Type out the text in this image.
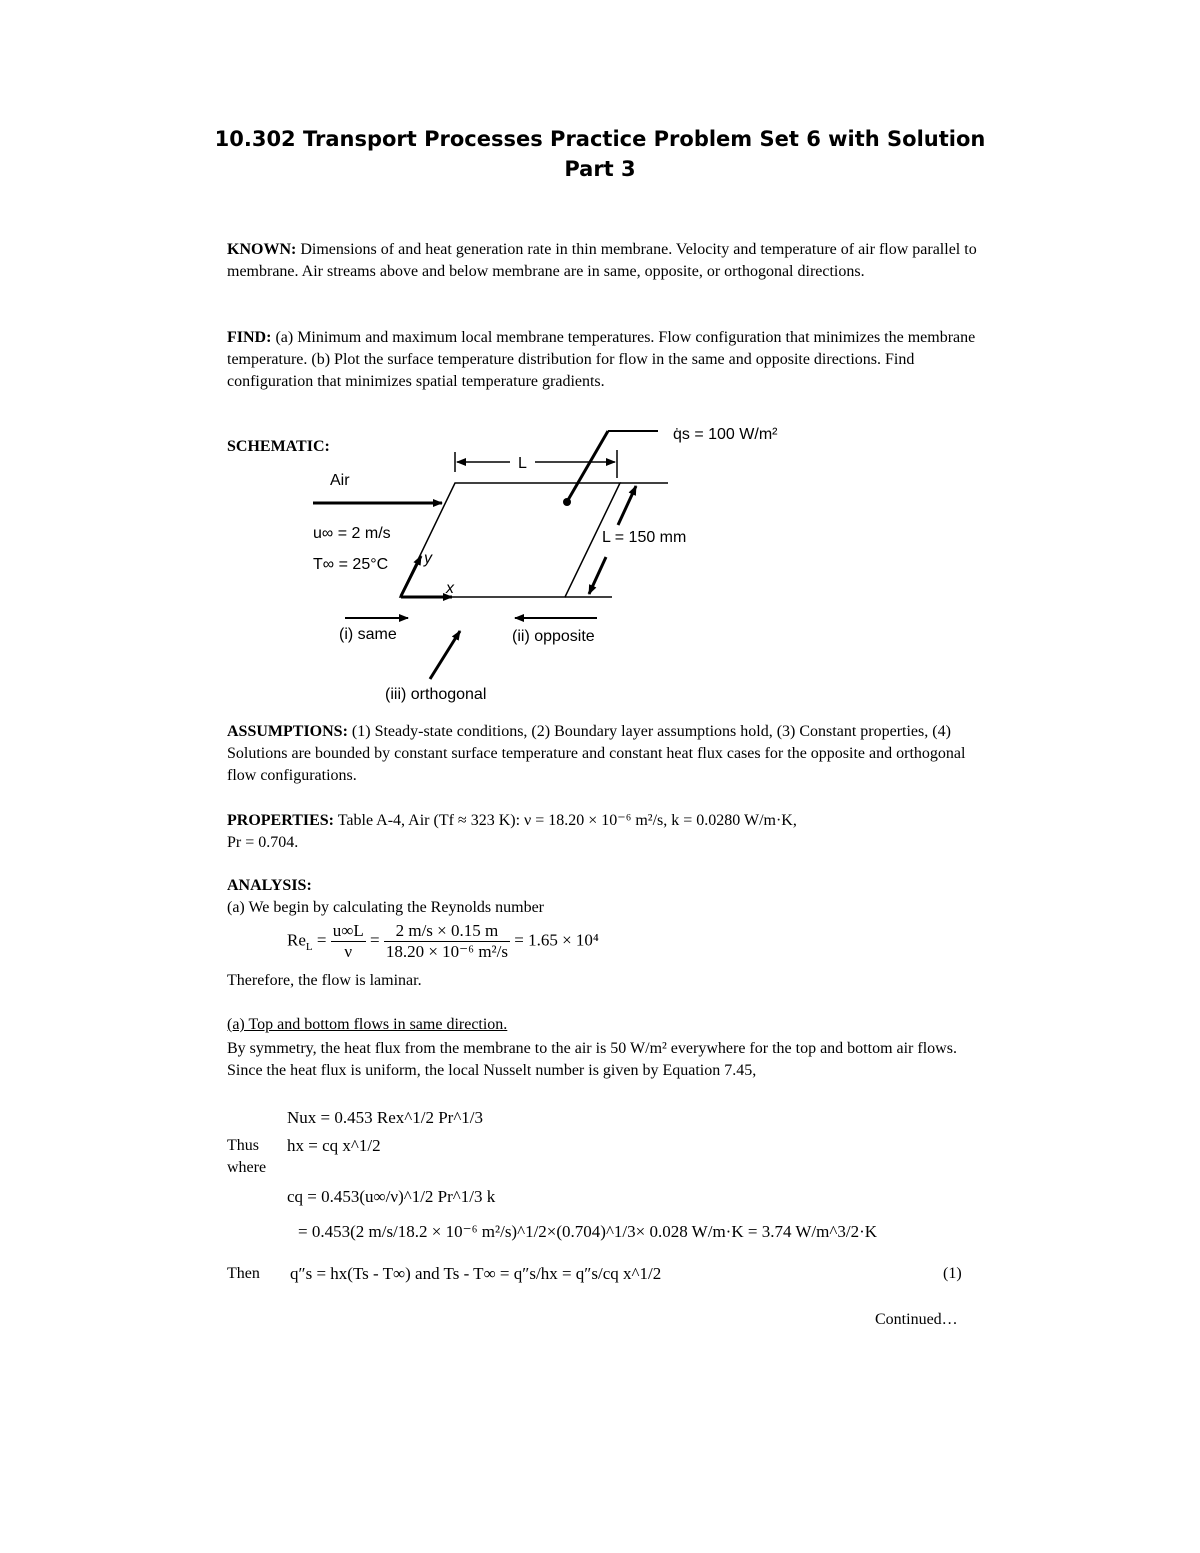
10.302 Transport Processes Practice Problem Set 6 with Solution
Part 3
KNOWN: Dimensions of and heat generation rate in thin membrane. Velocity and temperature of air flow parallel to membrane. Air streams above and below membrane are in same, opposite, or orthogonal directions.
FIND: (a) Minimum and maximum local membrane temperatures. Flow configuration that minimizes the membrane temperature. (b) Plot the surface temperature distribution for flow in the same and opposite directions. Find configuration that minimizes spatial temperature gradients.
SCHEMATIC:
q̇s = 100 W/m²
L
Air
u∞ = 2 m/s
T∞ = 25°C y
x
L = 150 mm
(i) same	(ii) opposite
(iii) orthogonal
ASSUMPTIONS: (1) Steady-state conditions, (2) Boundary layer assumptions hold, (3) Constant properties, (4) Solutions are bounded by constant surface temperature and constant heat flux cases for the opposite and orthogonal flow configurations.
PROPERTIES: Table A-4, Air (Tf ≈ 323 K): ν = 18.20 × 10⁻⁶ m²/s, k = 0.0280 W/m·K,
Pr = 0.704.
ANALYSIS:
(a) We begin by calculating the Reynolds number
$Re_L = \frac{u\infty L}{\nu} = \frac{2 m/s \times 0.15 m}{\text{18.20 × 10⁻⁶ m²/s}} = 1.65 \times 10^4$
Therefore, the flow is laminar.
(a) Top and bottom flows in same direction.
By symmetry, the heat flux from the membrane to the air is 50 W/m² everywhere for the top and bottom air flows. Since the heat flux is uniform, the local Nusselt number is given by Equation 7.45,
Nux = 0.453 Rex^1/2 Pr^1/3
Thus hx = cq x^1/2
where
cq = 0.453(u∞/ν)^1/2 Pr^1/3 k
= 0.453(2 m/s/18.2 × 10⁻⁶ m²/s)^1/2×(0.704)^1/3× 0.028 W/m·K = 3.74 W/m^3/2·K
Then q″s = hx(Ts - T∞) and Ts - T∞ = q″s/hx = q″s/cq x^1/2	(1)
Continued…
